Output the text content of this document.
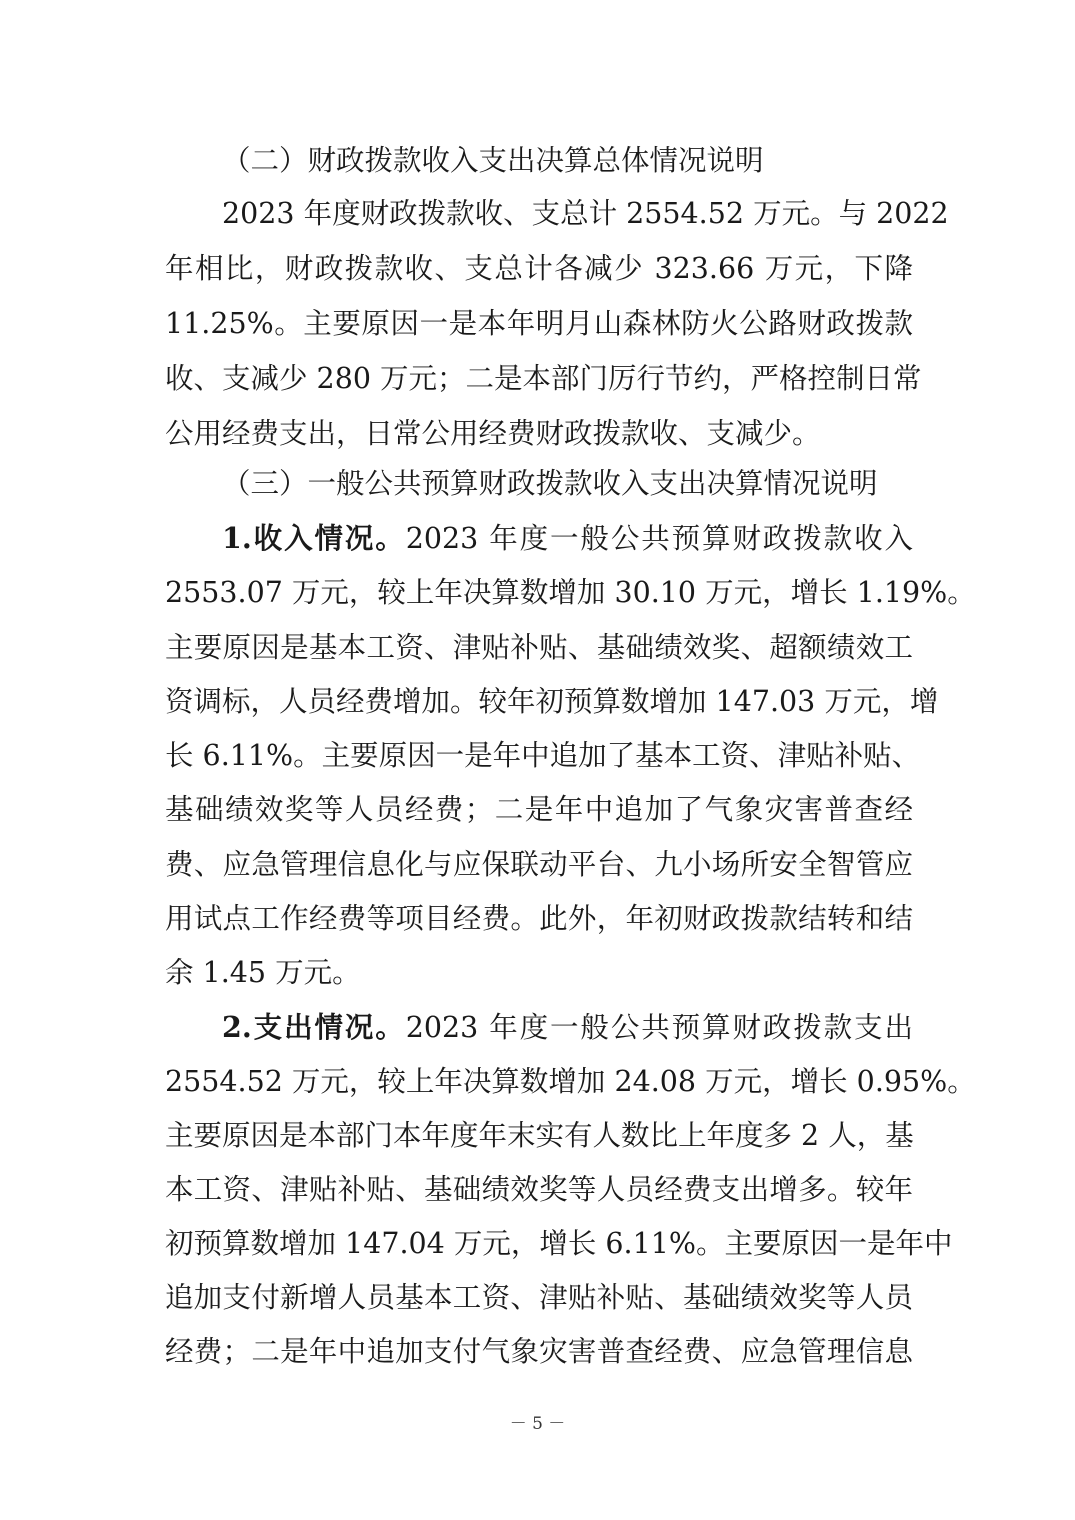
（二）财政拨款收入支出决算总体情况说明
2023 年度财政拨款收、支总计 2554.52 万元。与 2022
年相比，财政拨款收、支总计各减少 323.66 万元，下降
11.25%。主要原因一是本年明月山森林防火公路财政拨款
收、支减少 280 万元；二是本部门厉行节约，严格控制日常
公用经费支出，日常公用经费财政拨款收、支减少。
（三）一般公共预算财政拨款收入支出决算情况说明
1.收入情况。2023 年度一般公共预算财政拨款收入
2553.07 万元，较上年决算数增加 30.10 万元，增长 1.19%。
主要原因是基本工资、津贴补贴、基础绩效奖、超额绩效工
资调标，人员经费增加。较年初预算数增加 147.03 万元，增
长 6.11%。主要原因一是年中追加了基本工资、津贴补贴、
基础绩效奖等人员经费；二是年中追加了气象灾害普查经
费、应急管理信息化与应保联动平台、九小场所安全智管应
用试点工作经费等项目经费。此外，年初财政拨款结转和结
余 1.45 万元。
2.支出情况。2023 年度一般公共预算财政拨款支出
2554.52 万元，较上年决算数增加 24.08 万元，增长 0.95%。
主要原因是本部门本年度年末实有人数比上年度多 2 人，基
本工资、津贴补贴、基础绩效奖等人员经费支出增多。较年
初预算数增加 147.04 万元，增长 6.11%。主要原因一是年中
追加支付新增人员基本工资、津贴补贴、基础绩效奖等人员
经费；二是年中追加支付气象灾害普查经费、应急管理信息
－ 5 －
